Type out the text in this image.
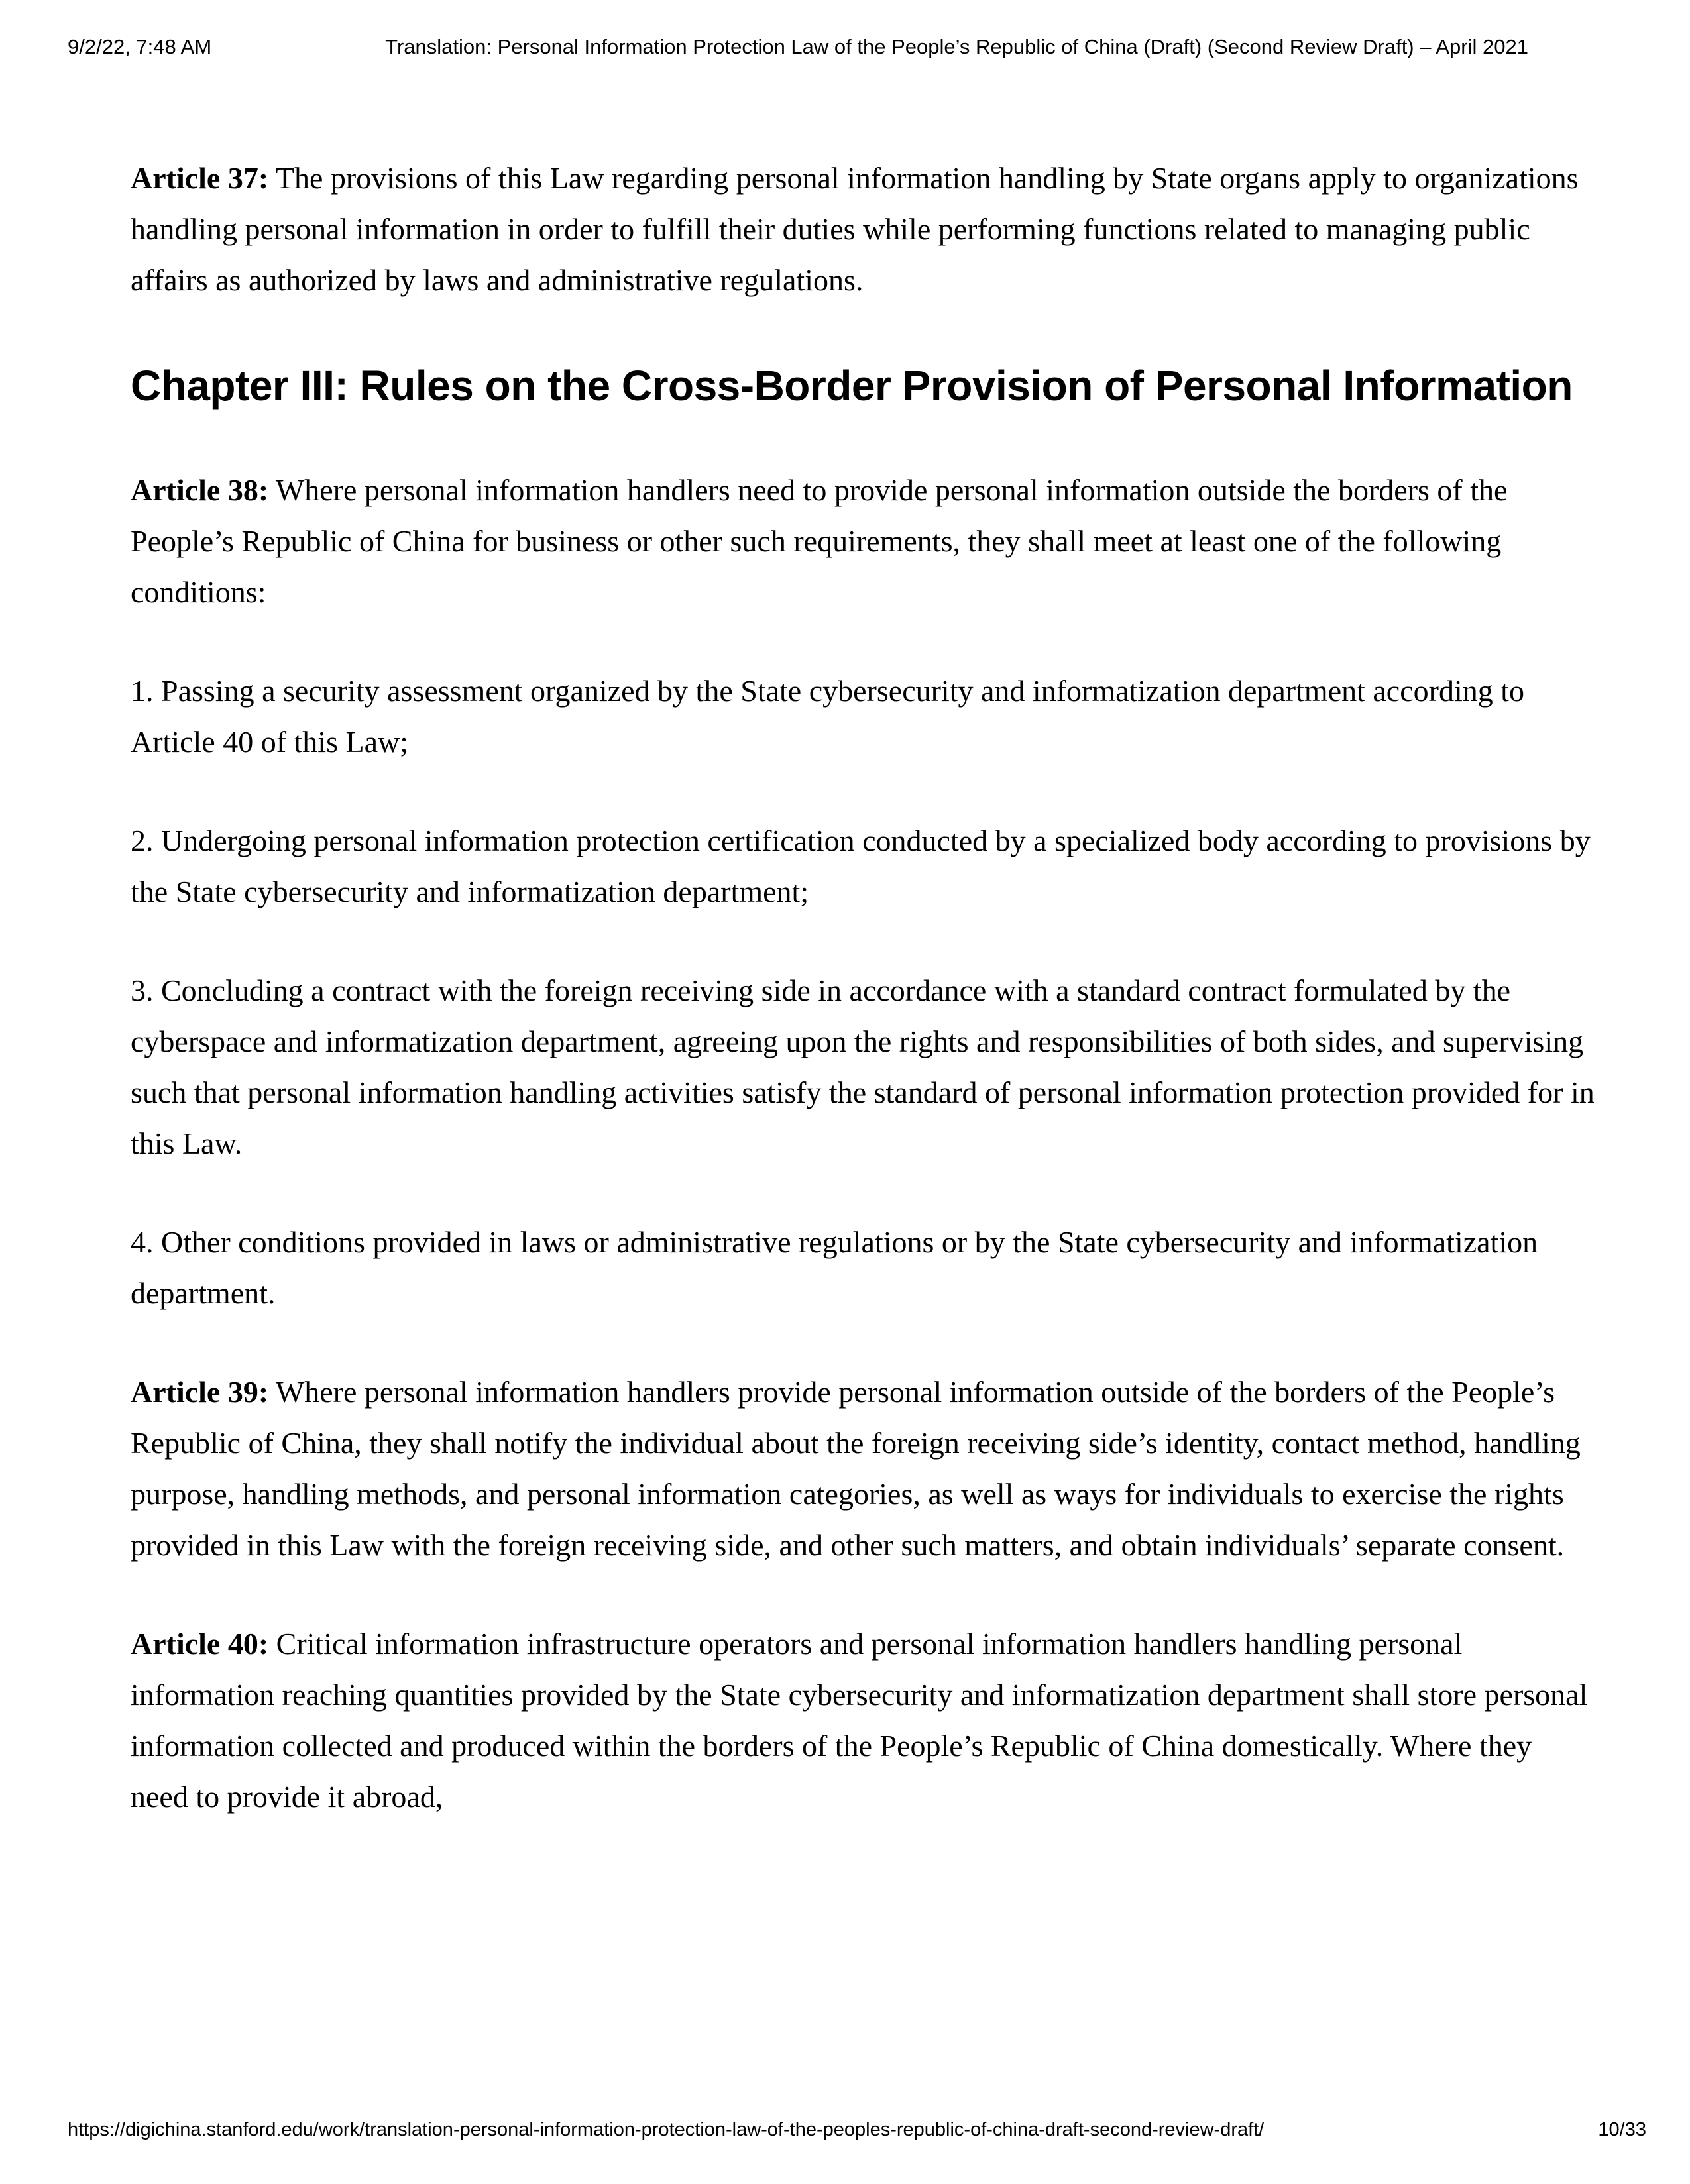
9/2/22, 7:48 AM	Translation: Personal Information Protection Law of the People’s Republic of China (Draft) (Second Review Draft) – April 2021

Article 37: The provisions of this Law regarding personal information handling by State organs apply to organizations handling personal information in order to fulfill their duties while performing functions related to managing public affairs as authorized by laws and administrative regulations.

Chapter III: Rules on the Cross-Border Provision of Personal Information

Article 38: Where personal information handlers need to provide personal information outside the borders of the People’s Republic of China for business or other such requirements, they shall meet at least one of the following conditions:

1. Passing a security assessment organized by the State cybersecurity and informatization department according to Article 40 of this Law;

2. Undergoing personal information protection certification conducted by a specialized body according to provisions by the State cybersecurity and informatization department;

3. Concluding a contract with the foreign receiving side in accordance with a standard contract formulated by the cyberspace and informatization department, agreeing upon the rights and responsibilities of both sides, and supervising such that personal information handling activities satisfy the standard of personal information protection provided for in this Law.

4. Other conditions provided in laws or administrative regulations or by the State cybersecurity and informatization department.

Article 39: Where personal information handlers provide personal information outside of the borders of the People’s Republic of China, they shall notify the individual about the foreign receiving side’s identity, contact method, handling purpose, handling methods, and personal information categories, as well as ways for individuals to exercise the rights provided in this Law with the foreign receiving side, and other such matters, and obtain individuals’ separate consent.

Article 40: Critical information infrastructure operators and personal information handlers handling personal information reaching quantities provided by the State cybersecurity and informatization department shall store personal information collected and produced within the borders of the People’s Republic of China domestically. Where they need to provide it abroad,

https://digichina.stanford.edu/work/translation-personal-information-protection-law-of-the-peoples-republic-of-china-draft-second-review-draft/	10/33
